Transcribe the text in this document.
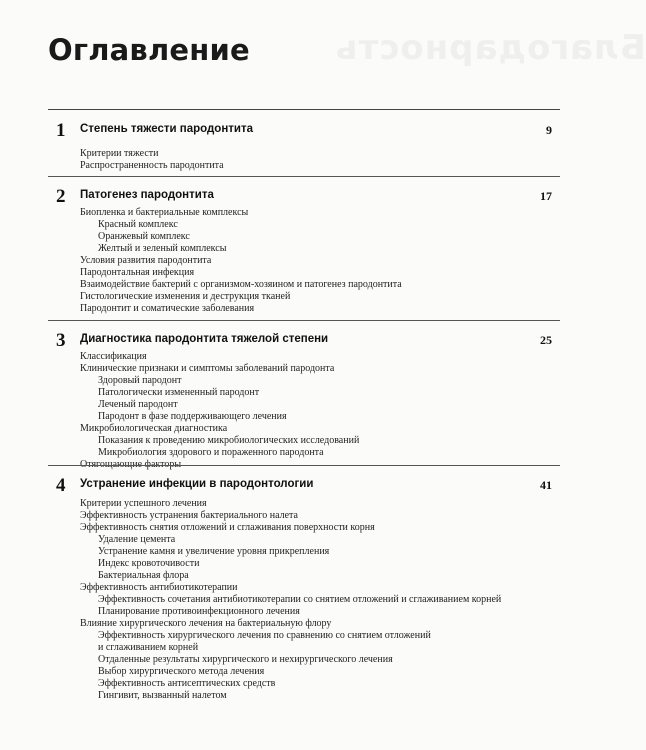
Благодарность
Оглавление
1 Степень тяжести пародонтита	9
Критерии тяжести
Распространенность пародонтита
2 Патогенез пародонтита	17
Биопленка и бактериальные комплексы
Красный комплекс
Оранжевый комплекс
Желтый и зеленый комплексы
Условия развития пародонтита
Пародонтальная инфекция
Взаимодействие бактерий с организмом-хозяином и патогенез пародонтита
Гистологические изменения и деструкция тканей
Пародонтит и соматические заболевания
3 Диагностика пародонтита тяжелой степени	25
Классификация
Клинические признаки и симптомы заболеваний пародонта
Здоровый пародонт
Патологически измененный пародонт
Леченый пародонт
Пародонт в фазе поддерживающего лечения
Микробиологическая диагностика
Показания к проведению микробиологических исследований
Микробиология здорового и пораженного пародонта
Отягощающие факторы
4 Устранение инфекции в пародонтологии	41
Критерии успешного лечения
Эффективность устранения бактериального налета
Эффективность снятия отложений и сглаживания поверхности корня
Удаление цемента
Устранение камня и увеличение уровня прикрепления
Индекс кровоточивости
Бактериальная флора
Эффективность антибиотикотерапии
Эффективность сочетания антибиотикотерапии со снятием отложений и сглаживанием корней
Планирование противоинфекционного лечения
Влияние хирургического лечения на бактериальную флору
Эффективность хирургического лечения по сравнению со снятием отложений
и сглаживанием корней
Отдаленные результаты хирургического и нехирургического лечения
Выбор хирургического метода лечения
Эффективность антисептических средств
Гингивит, вызванный налетом
